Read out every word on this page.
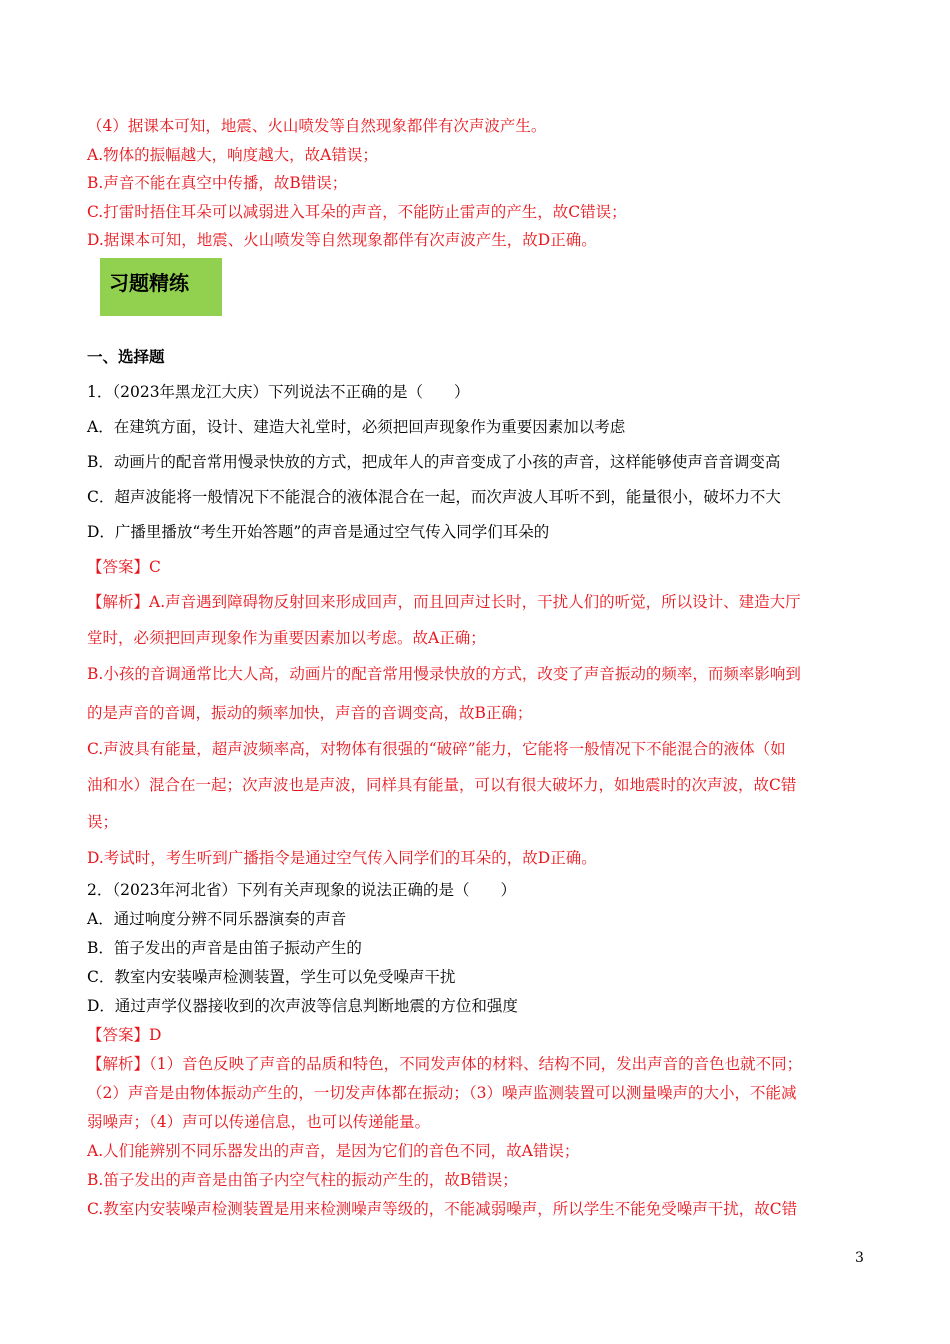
（4）据课本可知，地震、火山喷发等自然现象都伴有次声波产生。
A.物体的振幅越大，响度越大，故A错误；
B.声音不能在真空中传播，故B错误；
C.打雷时捂住耳朵可以减弱进入耳朵的声音，不能防止雷声的产生，故C错误；
D.据课本可知，地震、火山喷发等自然现象都伴有次声波产生，故D正确。
习题精练
一、选择题
1．（2023年黑龙江大庆）下列说法不正确的是（　　）
A．在建筑方面，设计、建造大礼堂时，必须把回声现象作为重要因素加以考虑
B．动画片的配音常用慢录快放的方式，把成年人的声音变成了小孩的声音，这样能够使声音音调变高
C．超声波能将一般情况下不能混合的液体混合在一起，而次声波人耳听不到，能量很小，破坏力不大
D．广播里播放“考生开始答题”的声音是通过空气传入同学们耳朵的
【答案】C
【解析】A.声音遇到障碍物反射回来形成回声，而且回声过长时，干扰人们的听觉，所以设计、建造大厅
堂时，必须把回声现象作为重要因素加以考虑。故A正确；
B.小孩的音调通常比大人高，动画片的配音常用慢录快放的方式，改变了声音振动的频率，而频率影响到
的是声音的音调，振动的频率加快，声音的音调变高，故B正确；
C.声波具有能量，超声波频率高，对物体有很强的“破碎”能力，它能将一般情况下不能混合的液体（如
油和水）混合在一起；次声波也是声波，同样具有能量，可以有很大破坏力，如地震时的次声波，故C错
误；
D.考试时，考生听到广播指令是通过空气传入同学们的耳朵的，故D正确。
2．（2023年河北省）下列有关声现象的说法正确的是（　　）
A．通过响度分辨不同乐器演奏的声音
B．笛子发出的声音是由笛子振动产生的
C．教室内安装噪声检测装置，学生可以免受噪声干扰
D．通过声学仪器接收到的次声波等信息判断地震的方位和强度
【答案】D
【解析】（1）音色反映了声音的品质和特色，不同发声体的材料、结构不同，发出声音的音色也就不同；
（2）声音是由物体振动产生的，一切发声体都在振动；（3）噪声监测装置可以测量噪声的大小，不能减
弱噪声；（4）声可以传递信息，也可以传递能量。
A.人们能辨别不同乐器发出的声音，是因为它们的音色不同，故A错误；
B.笛子发出的声音是由笛子内空气柱的振动产生的，故B错误；
C.教室内安装噪声检测装置是用来检测噪声等级的，不能减弱噪声，所以学生不能免受噪声干扰，故C错
3
